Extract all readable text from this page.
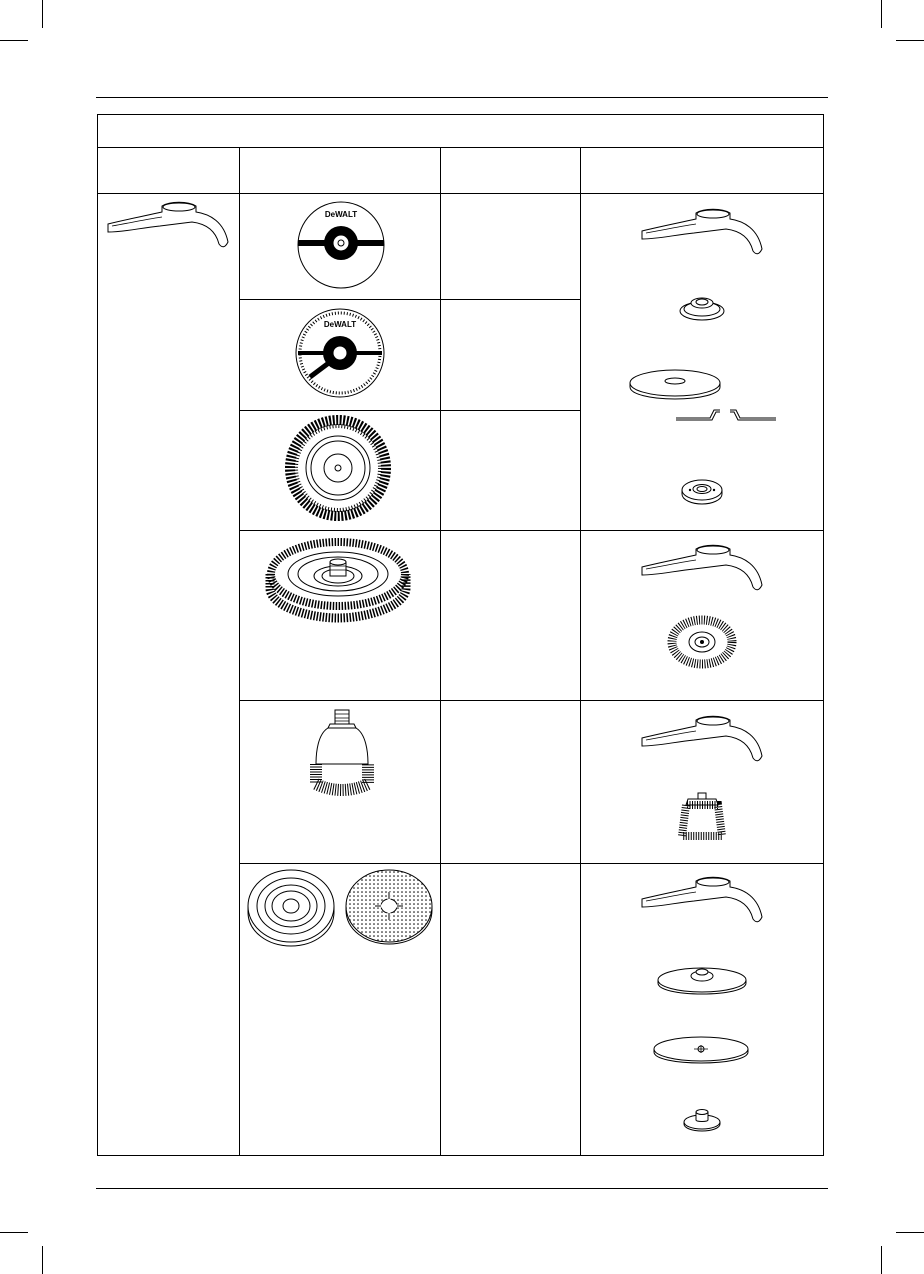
DeWALT
DeWALT
